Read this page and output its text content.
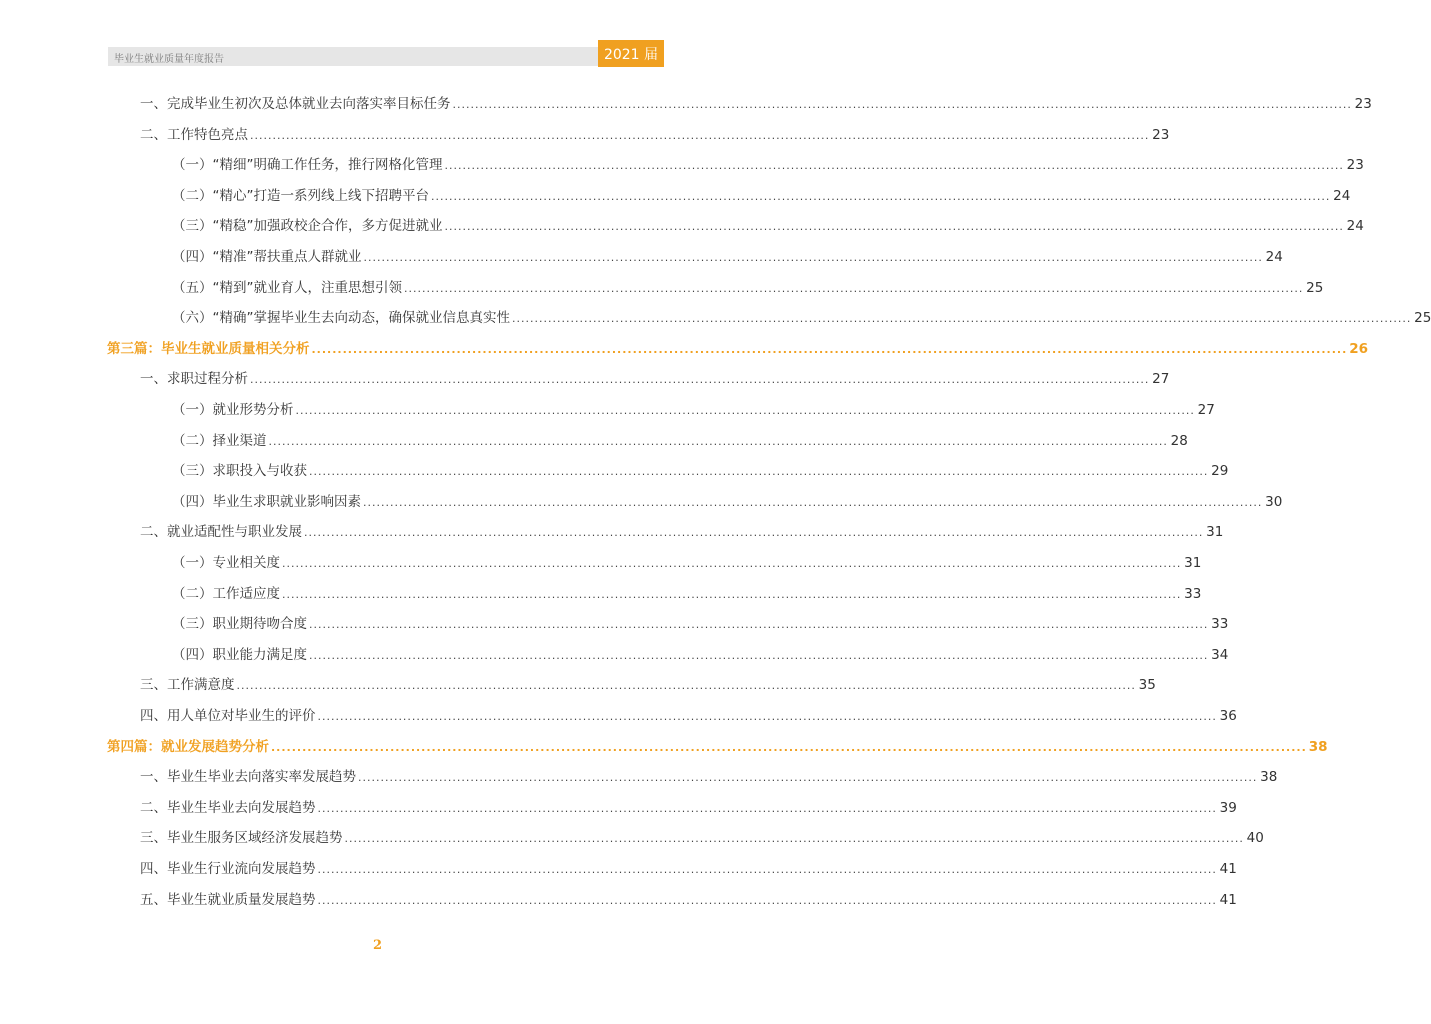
毕业生就业质量年度报告	2021 届
一、完成毕业生初次及总体就业去向落实率目标任务 ........................................................................................................................................................................................................ 23
二、工作特色亮点 ........................................................................................................................................................................................................ 23
（一）“精细”明确工作任务，推行网格化管理 ........................................................................................................................................................................................................ 23
（二）“精心”打造一系列线上线下招聘平台 ........................................................................................................................................................................................................ 24
（三）“精稳”加强政校企合作，多方促进就业 ........................................................................................................................................................................................................ 24
（四）“精准”帮扶重点人群就业 ........................................................................................................................................................................................................ 24
（五）“精到”就业育人，注重思想引领 ........................................................................................................................................................................................................ 25
（六）“精确”掌握毕业生去向动态，确保就业信息真实性 ........................................................................................................................................................................................................ 25
第三篇：毕业生就业质量相关分析 ........................................................................................................................................................................................................ 26
一、求职过程分析 ........................................................................................................................................................................................................ 27
（一）就业形势分析 ........................................................................................................................................................................................................ 27
（二）择业渠道 ........................................................................................................................................................................................................ 28
（三）求职投入与收获 ........................................................................................................................................................................................................ 29
（四）毕业生求职就业影响因素 ........................................................................................................................................................................................................ 30
二、就业适配性与职业发展 ........................................................................................................................................................................................................ 31
（一）专业相关度 ........................................................................................................................................................................................................ 31
（二）工作适应度 ........................................................................................................................................................................................................ 33
（三）职业期待吻合度 ........................................................................................................................................................................................................ 33
（四）职业能力满足度 ........................................................................................................................................................................................................ 34
三、工作满意度 ........................................................................................................................................................................................................ 35
四、用人单位对毕业生的评价 ........................................................................................................................................................................................................ 36
第四篇：就业发展趋势分析 ........................................................................................................................................................................................................ 38
一、毕业生毕业去向落实率发展趋势 ........................................................................................................................................................................................................ 38
二、毕业生毕业去向发展趋势 ........................................................................................................................................................................................................ 39
三、毕业生服务区域经济发展趋势 ........................................................................................................................................................................................................ 40
四、毕业生行业流向发展趋势 ........................................................................................................................................................................................................ 41
五、毕业生就业质量发展趋势 ........................................................................................................................................................................................................ 41
2
